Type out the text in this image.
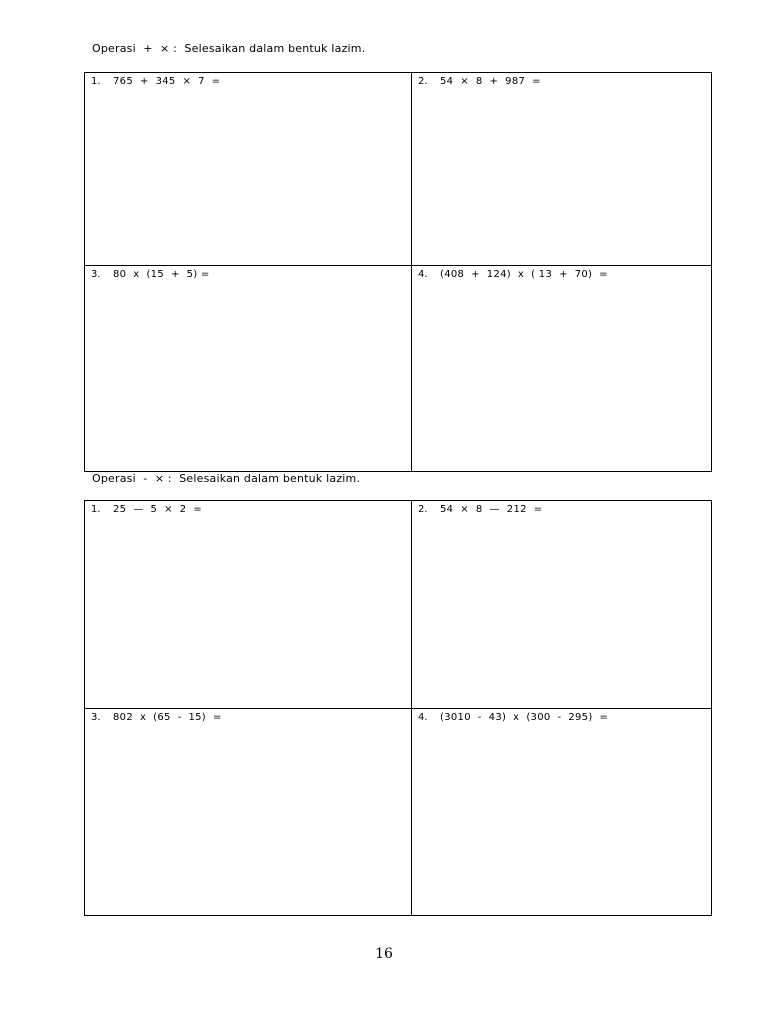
Operasi  +  × :  Selesaikan dalam bentuk lazim.
1.	765  +  345  ×  7  =	2.	54  ×  8  +  987  =
3.	80  x  (15  +  5) =	4.	(408  +  124)  x  ( 13  +  70)  =
Operasi  -  × :  Selesaikan dalam bentuk lazim.
1.	25  —  5  ×  2  =	2.	54  ×  8  —  212  =
3.	802  x  (65  -  15)  =	4.	(3010  -  43)  x  (300  -  295)  =
16
